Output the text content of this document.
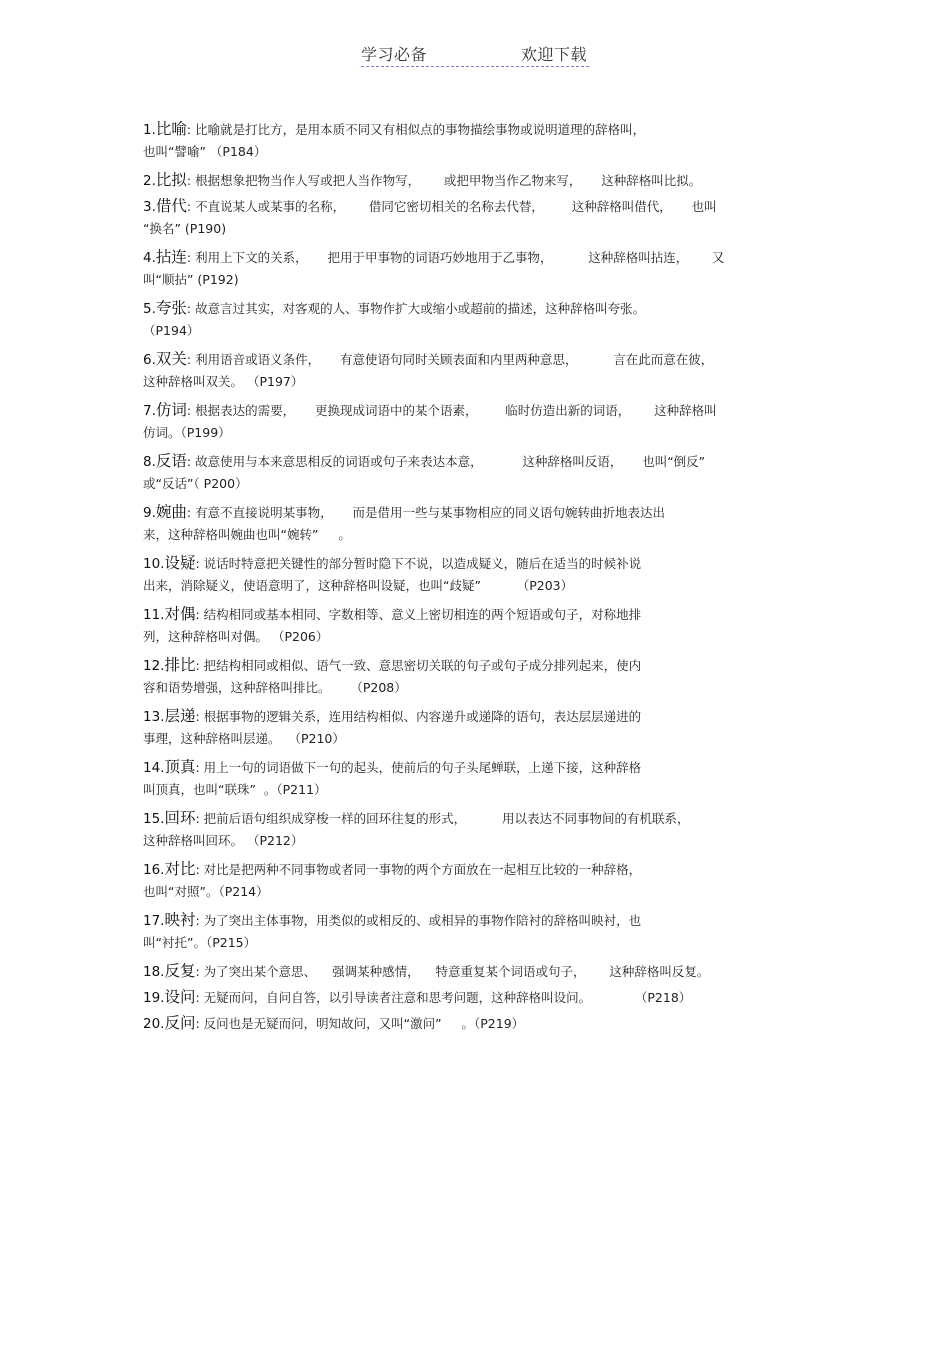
学习必备	欢迎下载
1.比喻: 比喻就是打比方，是用本质不同又有相似点的事物描绘事物或说明道理的辞格叫，
也叫“譬喻” （P184）
2.比拟: 根据想象把物当作人写或把人当作物写，      或把甲物当作乙物来写，     这种辞格叫比拟。
3.借代: 不直说某人或某事的名称，      借同它密切相关的名称去代替，       这种辞格叫借代，     也叫
“换名” (P190)
4.拈连: 利用上下文的关系，     把用于甲事物的词语巧妙地用于乙事物，         这种辞格叫拈连，      又
叫“顺拈” (P192)
5.夸张: 故意言过其实，对客观的人、事物作扩大或缩小或超前的描述，这种辞格叫夸张。
（P194）
6.双关: 利用语音或语义条件，     有意使语句同时关顾表面和内里两种意思，         言在此而意在彼，
这种辞格叫双关。 （P197）
7.仿词: 根据表达的需要，     更换现成词语中的某个语素，       临时仿造出新的词语，      这种辞格叫
仿词。（P199）
8.反语: 故意使用与本来意思相反的词语或句子来表达本意，          这种辞格叫反语，     也叫“倒反”
或“反话”（ P200）
9.婉曲: 有意不直接说明某事物，     而是借用一些与某事物相应的同义语句婉转曲折地表达出
来，这种辞格叫婉曲也叫“婉转”     。
10.设疑: 说话时特意把关键性的部分暂时隐下不说，以造成疑义，随后在适当的时候补说
出来，消除疑义，使语意明了，这种辞格叫设疑，也叫“歧疑”         （P203）
11.对偶: 结构相同或基本相同、字数相等、意义上密切相连的两个短语或句子，对称地排
列，这种辞格叫对偶。 （P206）
12.排比: 把结构相同或相似、语气一致、意思密切关联的句子或句子成分排列起来，使内
容和语势增强，这种辞格叫排比。     （P208）
13.层递: 根据事物的逻辑关系，连用结构相似、内容递升或递降的语句，表达层层递进的
事理，这种辞格叫层递。  （P210）
14.顶真: 用上一句的词语做下一句的起头，使前后的句子头尾蝉联，上递下接，这种辞格
叫顶真，也叫“联珠”  。（P211）
15.回环: 把前后语句组织成穿梭一样的回环往复的形式，         用以表达不同事物间的有机联系，
这种辞格叫回环。 （P212）
16.对比: 对比是把两种不同事物或者同一事物的两个方面放在一起相互比较的一种辞格，
也叫“对照”。（P214）
17.映衬: 为了突出主体事物，用类似的或相反的、或相异的事物作陪衬的辞格叫映衬，也
叫“衬托”。（P215）
18.反复: 为了突出某个意思、    强调某种感情，    特意重复某个词语或句子，      这种辞格叫反复。
19.设问: 无疑而问，自问自答，以引导读者注意和思考问题，这种辞格叫设问。           （P218）
20.反问: 反问也是无疑而问，明知故问，又叫“激问”     。（P219）
